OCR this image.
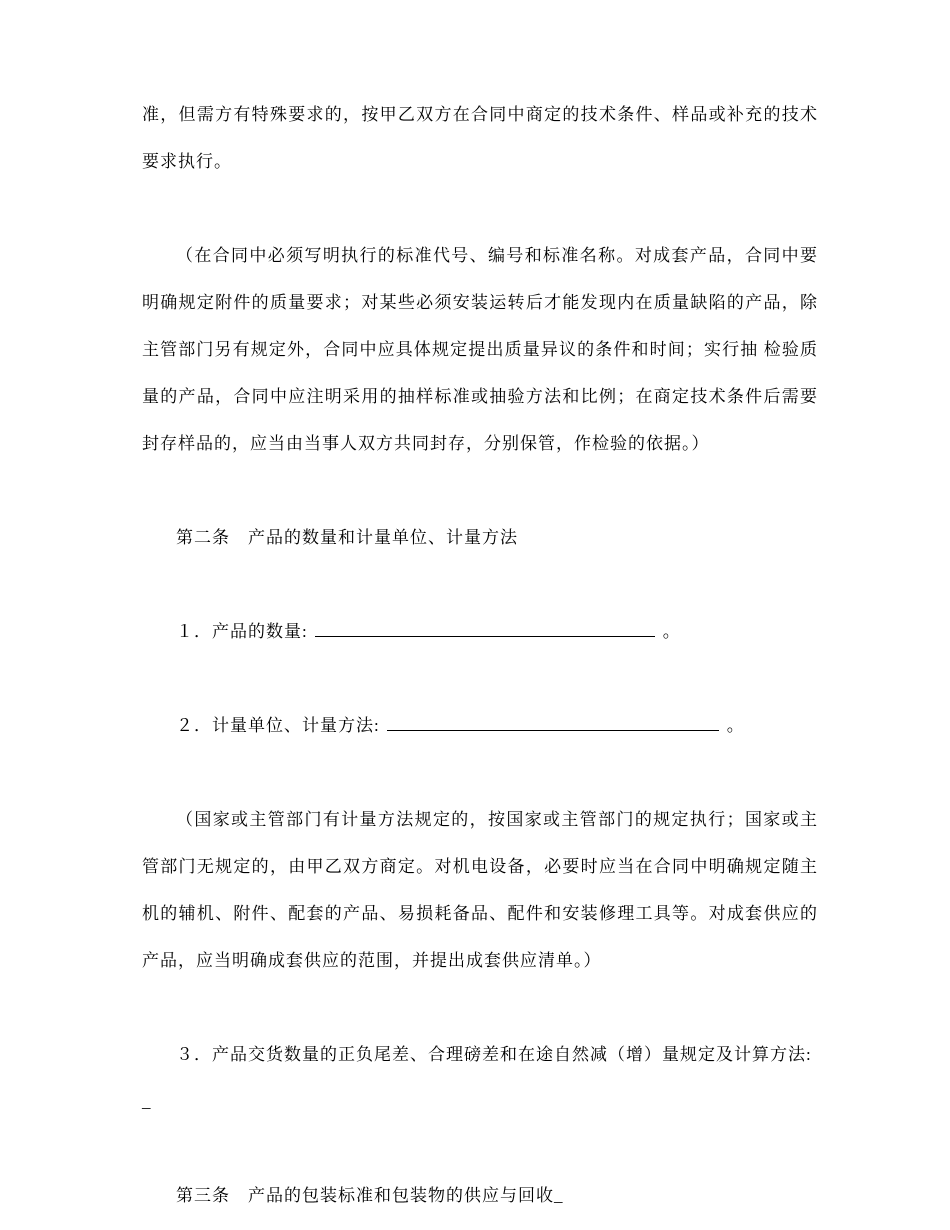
准，但需方有特殊要求的，按甲乙双方在合同中商定的技术条件、样品或补充的技术要求执行。

（在合同中必须写明执行的标准代号、编号和标准名称。对成套产品，合同中要明确规定附件的质量要求；对某些必须安装运转后才能发现内在质量缺陷的产品，除主管部门另有规定外，合同中应具体规定提出质量异议的条件和时间；实行抽 检验质量的产品，合同中应注明采用的抽样标准或抽验方法和比例；在商定技术条件后需要封存样品的，应当由当事人双方共同封存，分别保管，作检验的依据。）

第二条　产品的数量和计量单位、计量方法

１．产品的数量:	。

２．计量单位、计量方法:	。

（国家或主管部门有计量方法规定的，按国家或主管部门的规定执行；国家或主管部门无规定的，由甲乙双方商定。对机电设备，必要时应当在合同中明确规定随主机的辅机、附件、配套的产品、易损耗备品、配件和安装修理工具等。对成套供应的产品，应当明确成套供应的范围，并提出成套供应清单。）

３．产品交货数量的正负尾差、合理磅差和在途自然减（增）量规定及计算方法:
_

第三条　产品的包装标准和包装物的供应与回收_
